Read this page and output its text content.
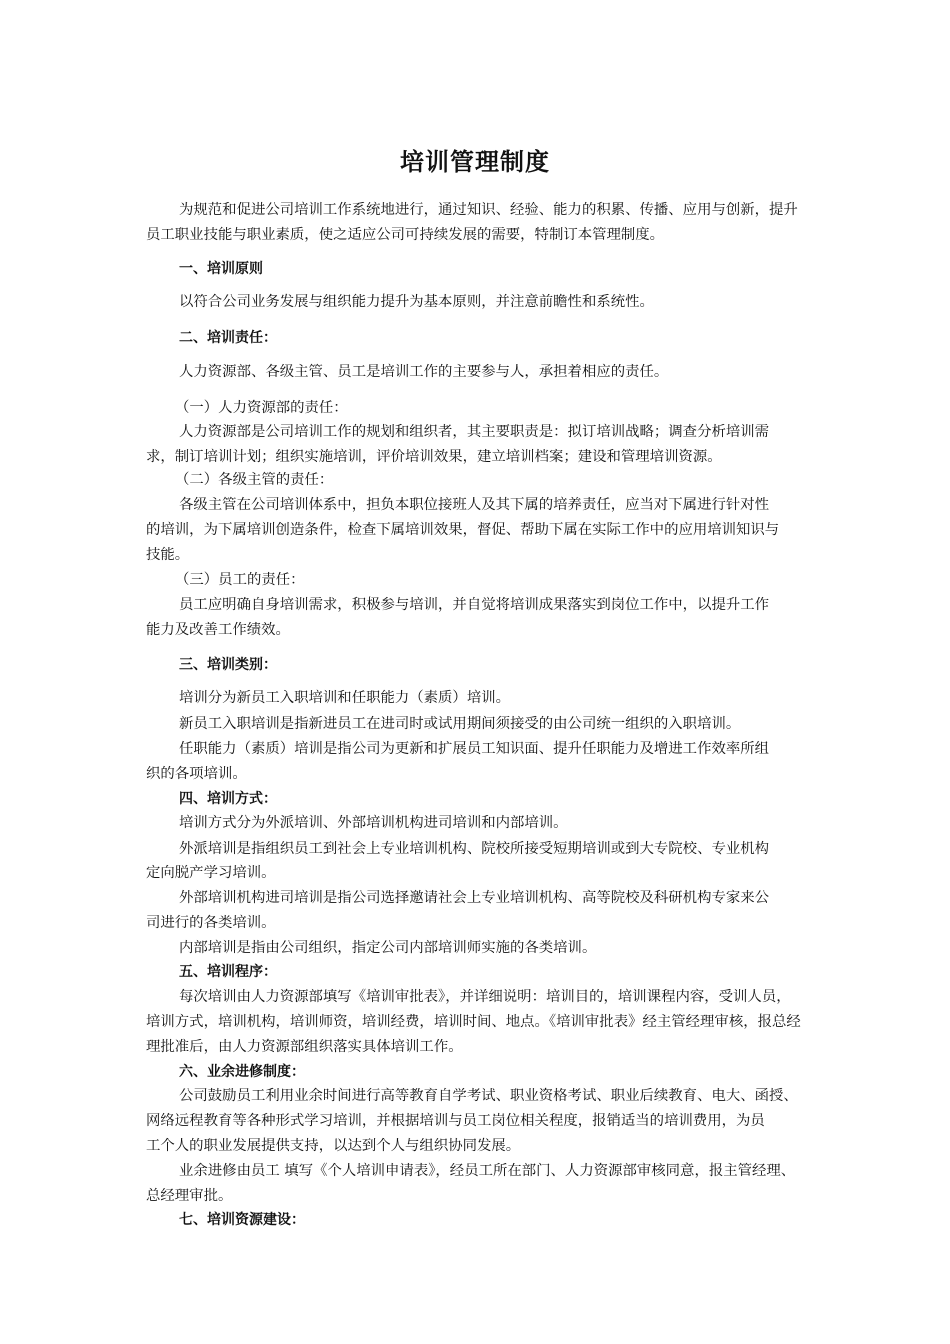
培训管理制度
为规范和促进公司培训工作系统地进行，通过知识、经验、能力的积累、传播、应用与创新，提升
员工职业技能与职业素质，使之适应公司可持续发展的需要，特制订本管理制度。
一、培训原则
以符合公司业务发展与组织能力提升为基本原则，并注意前瞻性和系统性。
二、培训责任：
人力资源部、各级主管、员工是培训工作的主要参与人，承担着相应的责任。
（一）人力资源部的责任：
人力资源部是公司培训工作的规划和组织者，其主要职责是：拟订培训战略；调查分析培训需
求，制订培训计划；组织实施培训，评价培训效果，建立培训档案；建设和管理培训资源。
（二）各级主管的责任：
各级主管在公司培训体系中，担负本职位接班人及其下属的培养责任，应当对下属进行针对性
的培训，为下属培训创造条件，检查下属培训效果，督促、帮助下属在实际工作中的应用培训知识与
技能。
（三）员工的责任：
员工应明确自身培训需求，积极参与培训，并自觉将培训成果落实到岗位工作中，以提升工作
能力及改善工作绩效。
三、培训类别：
培训分为新员工入职培训和任职能力（素质）培训。
新员工入职培训是指新进员工在进司时或试用期间须接受的由公司统一组织的入职培训。
任职能力（素质）培训是指公司为更新和扩展员工知识面、提升任职能力及增进工作效率所组
织的各项培训。
四、培训方式：
培训方式分为外派培训、外部培训机构进司培训和内部培训。
外派培训是指组织员工到社会上专业培训机构、院校所接受短期培训或到大专院校、专业机构
定向脱产学习培训。
外部培训机构进司培训是指公司选择邀请社会上专业培训机构、高等院校及科研机构专家来公
司进行的各类培训。
内部培训是指由公司组织，指定公司内部培训师实施的各类培训。
五、培训程序：
每次培训由人力资源部填写《培训审批表》，并详细说明：培训目的，培训课程内容，受训人员，
培训方式，培训机构，培训师资，培训经费，培训时间、地点。《培训审批表》经主管经理审核，报总经
理批准后，由人力资源部组织落实具体培训工作。
六、业余进修制度：
公司鼓励员工利用业余时间进行高等教育自学考试、职业资格考试、职业后续教育、电大、函授、
网络远程教育等各种形式学习培训，并根据培训与员工岗位相关程度，报销适当的培训费用，为员
工个人的职业发展提供支持，以达到个人与组织协同发展。
业余进修由员工 填写《个人培训申请表》，经员工所在部门、人力资源部审核同意，报主管经理、
总经理审批。
七、培训资源建设：
